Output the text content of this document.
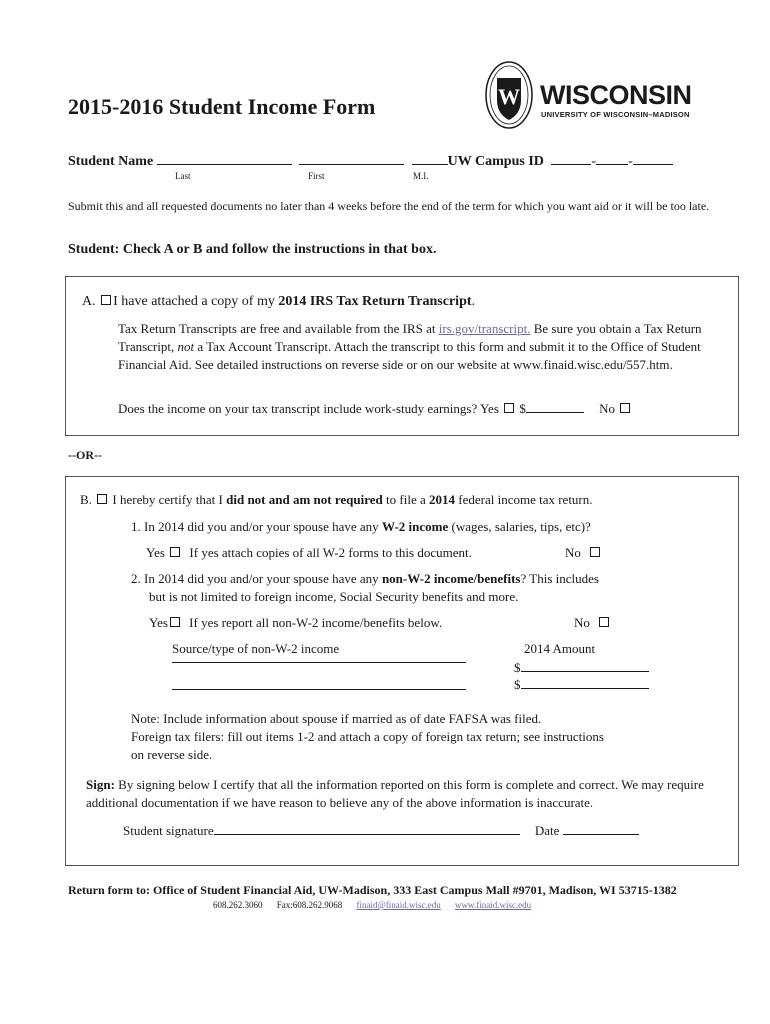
2015-2016 Student Income Form	W WISCONSIN
UNIVERSITY OF WISCONSIN–MADISON
Student Name	UW Campus ID	- -
Last	First	M.I.
Submit this and all requested documents no later than 4 weeks before the end of the term for which you want aid or it will be too late.
Student: Check A or B and follow the instructions in that box.
A. I have attached a copy of my 2014 IRS Tax Return Transcript.
Tax Return Transcripts are free and available from the IRS at irs.gov/transcript. Be sure you obtain a Tax Return Transcript, not a Tax Account Transcript. Attach the transcript to this form and submit it to the Office of Student Financial Aid. See detailed instructions on reverse side or on our website at www.finaid.wisc.edu/557.htm.
Does the income on your tax transcript include work-study earnings? Yes $	No
--OR--
B. I hereby certify that I did not and am not required to file a 2014 federal income tax return.
1. In 2014 did you and/or your spouse have any W-2 income (wages, salaries, tips, etc)?
Yes If yes attach copies of all W-2 forms to this document.	No
2. In 2014 did you and/or your spouse have any non-W-2 income/benefits? This includes
but is not limited to foreign income, Social Security benefits and more.
Yes If yes report all non-W-2 income/benefits below.	No
Source/type of non-W-2 income	2014 Amount
$
$
Note: Include information about spouse if married as of date FAFSA was filed.
Foreign tax filers: fill out items 1-2 and attach a copy of foreign tax return; see instructions
on reverse side.
Sign: By signing below I certify that all the information reported on this form is complete and correct. We may require additional documentation if we have reason to believe any of the above information is inaccurate.
Student signature	Date
Return form to: Office of Student Financial Aid, UW-Madison, 333 East Campus Mall #9701, Madison, WI 53715-1382
608.262.3060 Fax:608.262.9068 finaid@finaid.wisc.edu www.finaid.wisc.edu
